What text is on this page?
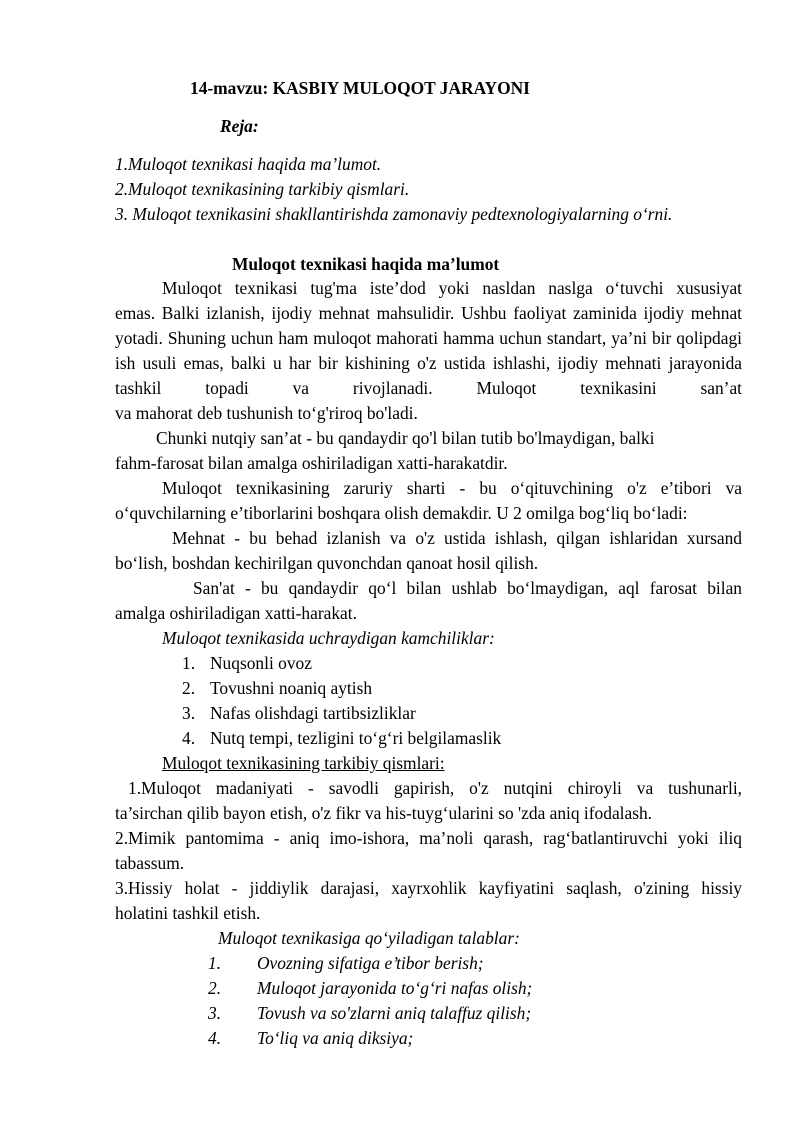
14-mavzu: KASBIY MULOQOT JARAYONI
Reja:
1.Muloqot texnikasi haqida ma’lumot.
2.Muloqot texnikasining tarkibiy qismlari.
3. Muloqot texnikasini shakllantirishda zamonaviy pedtexnologiyalarning o‘rni.
Muloqot texnikasi haqida ma’lumot
Muloqot texnikasi tug'ma iste’dod yoki nasldan naslga o‘tuvchi xususiyat
emas. Balki izlanish, ijodiy mehnat mahsulidir. Ushbu faoliyat zaminida ijodiy mehnat yotadi. Shuning uchun ham muloqot mahorati hamma uchun standart, ya’ni bir qolipdagi ish usuli emas, balki u har bir kishining o'z ustida ishlashi, ijodiy mehnati jarayonida tashkil topadi va rivojlanadi. Muloqot texnikasini san’at
va mahorat deb tushunish to‘g'riroq bo'ladi.
Chunki nutqiy san’at - bu qandaydir qo'l bilan tutib bo'lmaydigan, balki
fahm-farosat bilan amalga oshiriladigan xatti-harakatdir.
Muloqot texnikasining zaruriy sharti - bu o‘qituvchining o'z e’tibori va
o‘quvchilarning e’tiborlarini boshqara olish demakdir. U 2 omilga bog‘liq bo‘ladi:
Mehnat - bu behad izlanish va o'z ustida ishlash, qilgan ishlaridan xursand
bo‘lish, boshdan kechirilgan quvonchdan qanoat hosil qilish.
San'at - bu qandaydir qo‘l bilan ushlab bo‘lmaydigan, aql farosat bilan
amalga oshiriladigan xatti-harakat.
Muloqot texnikasida uchraydigan kamchiliklar:
1. Nuqsonli ovoz
2. Tovushni noaniq aytish
3. Nafas olishdagi tartibsizliklar
4. Nutq tempi, tezligini to‘g‘ri belgilamaslik
Muloqot texnikasining tarkibiy qismlari:
1.Muloqot madaniyati - savodli gapirish, o'z nutqini chiroyli va tushunarli,
ta’sirchan qilib bayon etish, o'z fikr va his-tuyg‘ularini so 'zda aniq ifodalash.
2.Mimik pantomima - aniq imo-ishora, ma’noli qarash, rag‘batlantiruvchi yoki iliq
tabassum.
3.Hissiy holat - jiddiylik darajasi, xayrxohlik kayfiyatini saqlash, o'zining hissiy
holatini tashkil etish.
Muloqot texnikasiga qo‘yiladigan talablar:
1. Ovozning sifatiga e’tibor berish;
2. Muloqot jarayonida to‘g‘ri nafas olish;
3. Tovush va so'zlarni aniq talaffuz qilish;
4. To‘liq va aniq diksiya;
